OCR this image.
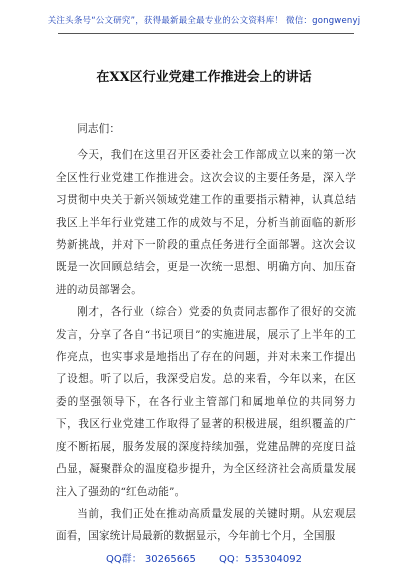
关注头条号“公文研究”，获得最新最全最专业的公文资料库！ 微信：gongwenyj
在XX区行业党建工作推进会上的讲话

同志们：

今天，我们在这里召开区委社会工作部成立以来的第一次全区性行业党建工作推进会。这次会议的主要任务是，深入学习贯彻中央关于新兴领域党建工作的重要指示精神，认真总结我区上半年行业党建工作的成效与不足，分析当前面临的新形势新挑战，并对下一阶段的重点任务进行全面部署。这次会议既是一次回顾总结会，更是一次统一思想、明确方向、加压奋进的动员部署会。

刚才，各行业（综合）党委的负责同志都作了很好的交流发言，分享了各自“书记项目”的实施进展，展示了上半年的工作亮点，也实事求是地指出了存在的问题，并对未来工作提出了设想。听了以后，我深受启发。总的来看，今年以来，在区委的坚强领导下，在各行业主管部门和属地单位的共同努力下，我区行业党建工作取得了显著的积极进展，组织覆盖的广度不断拓展，服务发展的深度持续加强，党建品牌的亮度日益凸显，凝聚群众的温度稳步提升，为全区经济社会高质量发展注入了强劲的“红色动能”。

当前，我们正处在推动高质量发展的关键时期。从宏观层面看，国家统计局最新的数据显示，今年前七个月，全国服

QQ群： 30265665 QQ：535304092
